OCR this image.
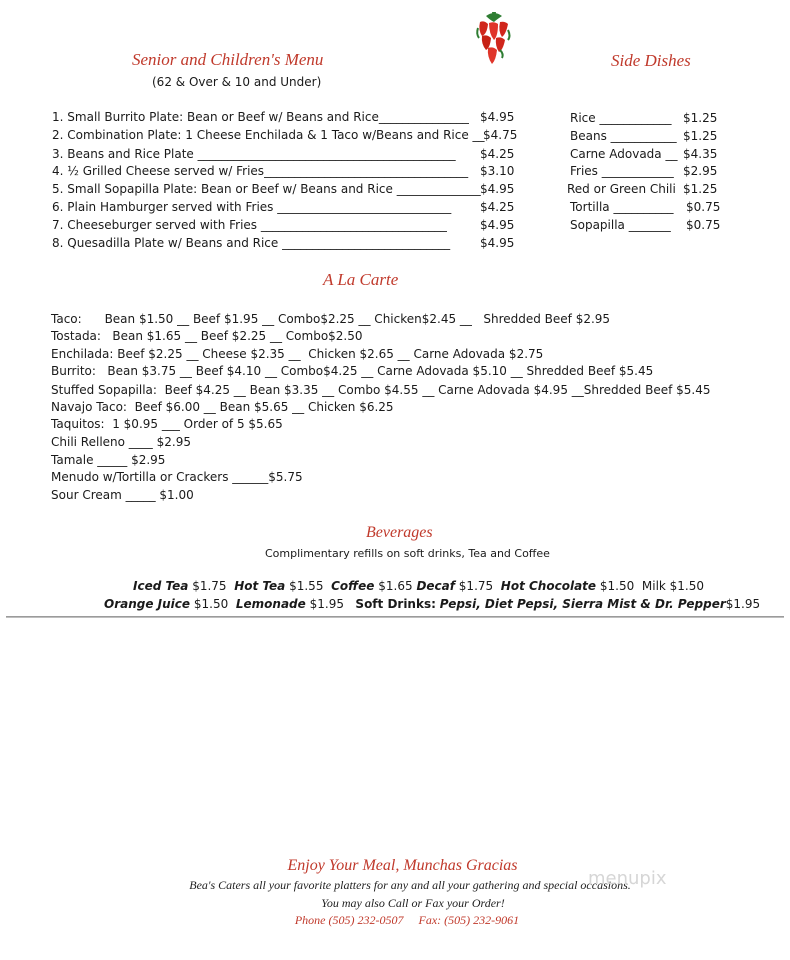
Senior and Children's Menu
(62 & Over & 10 and Under)
1. Small Burrito Plate: Bean or Beef w/ Beans and Rice_______________ $4.95
2. Combination Plate: 1 Cheese Enchilada & 1 Taco w/Beans and Rice __
$4.75
3. Beans and Rice Plate ___________________________________________ $4.25
4. ½ Grilled Cheese served w/ Fries__________________________________ $3.10
5. Small Sopapilla Plate: Bean or Beef w/ Beans and Rice ______________ $4.95
6. Plain Hamburger served with Fries _____________________________ $4.25
7. Cheeseburger served with Fries _______________________________	$4.95
8. Quesadilla Plate w/ Beans and Rice ____________________________ $4.95
Side Dishes
Rice ____________ $1.25
Beans ___________ $1.25
Carne Adovada __ $4.35
Fries ____________ $2.95
Red or Green Chili $1.25
Tortilla __________ $0.75
Sopapilla _______ $0.75
A La Carte

Taco:      Bean $1.50 __ Beef $1.95 __ Combo$2.25 __ Chicken$2.45 __   Shredded Beef $2.95

Tostada:   Bean $1.65 __ Beef $2.25 __ Combo$2.50

Enchilada: Beef $2.25 __ Cheese $2.35 __  Chicken $2.65 __ Carne Adovada $2.75

Burrito:   Bean $3.75 __ Beef $4.10 __ Combo$4.25 __ Carne Adovada $5.10 __ Shredded Beef $5.45

Stuffed Sopapilla:  Beef $4.25 __ Bean $3.35 __ Combo $4.55 __ Carne Adovada $4.95 __Shredded Beef $5.45

Navajo Taco:  Beef $6.00 __ Bean $5.65 __ Chicken $6.25

Taquitos:  1 $0.95 ___ Order of 5 $5.65

Chili Relleno ____ $2.95

Tamale _____ $2.95

Menudo w/Tortilla or Crackers ______$5.75

Sour Cream _____ $1.00

Beverages
Complimentary refills on soft drinks, Tea and Coffee
Iced Tea $1.75 Hot Tea $1.55 Coffee $1.65 Decaf $1.75 Hot Chocolate $1.50 Milk $1.50
Orange Juice $1.50 Lemonade $1.95 Soft Drinks: Pepsi, Diet Pepsi, Sierra Mist & Dr. Pepper$1.95
Enjoy Your Meal, Munchas Gracias
Bea's Caters all your favorite platters for any and all your gathering and special occasions.
You may also Call or Fax your Order!
Phone (505) 232-0507 Fax: (505) 232-9061
menupix
